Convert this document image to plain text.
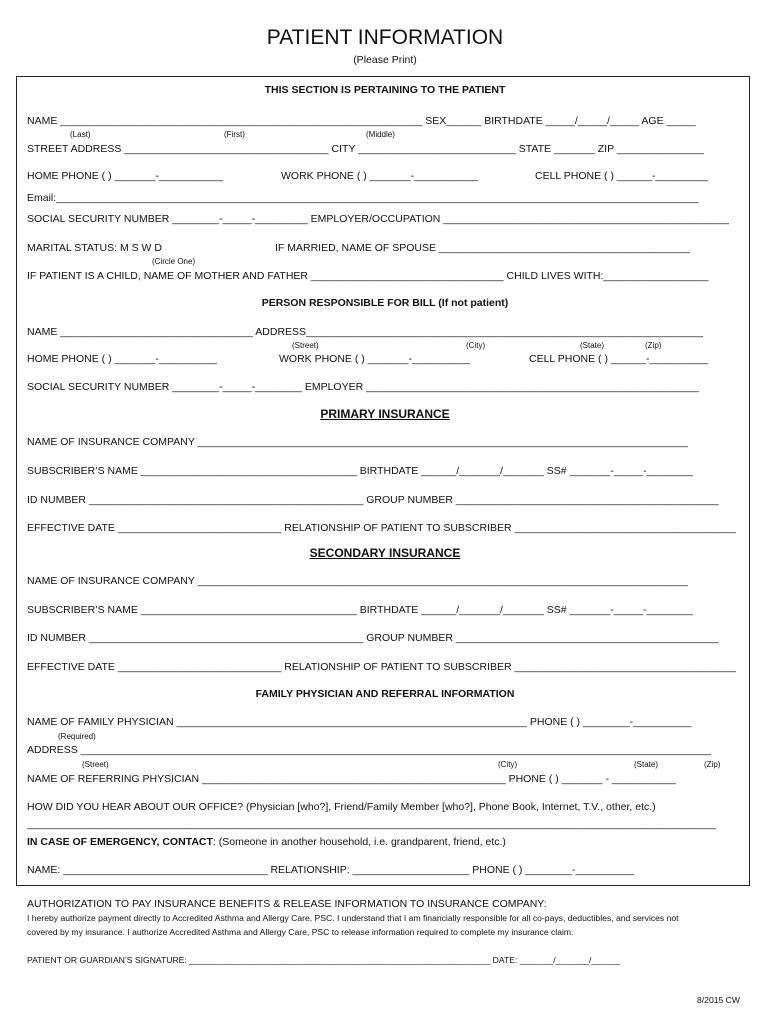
PATIENT INFORMATION
(Please Print)
THIS SECTION IS PERTAINING TO THE PATIENT
NAME ______________________________________________________________ SEX______ BIRTHDATE _____/_____/_____ AGE _____
(Last)	(First)	(Middle)
STREET ADDRESS ___________________________________ CITY ___________________________ STATE _______ ZIP _______________
HOME PHONE ( ) _______-___________	WORK PHONE ( ) _______-___________	CELL PHONE ( ) ______-_________
Email:______________________________________________________________________________________________________________
SOCIAL SECURITY NUMBER ________-_____-_________ EMPLOYER/OCCUPATION _________________________________________________
MARITAL STATUS: M S W D
(Circle One)
IF MARRIED, NAME OF SPOUSE ___________________________________________
IF PATIENT IS A CHILD, NAME OF MOTHER AND FATHER _________________________________ CHILD LIVES WITH:__________________
PERSON RESPONSIBLE FOR BILL (If not patient)
NAME _________________________________ ADDRESS____________________________________________________________________
(Street)	(City)	(State)	(Zip)
HOME PHONE ( ) _______-__________	WORK PHONE ( ) _______-__________	CELL PHONE ( ) ______-__________
SOCIAL SECURITY NUMBER ________-_____-________ EMPLOYER _________________________________________________________
PRIMARY INSURANCE
NAME OF INSURANCE COMPANY ____________________________________________________________________________________
SUBSCRIBER’S NAME _____________________________________ BIRTHDATE ______/_______/_______ SS# _______-_____-________
ID NUMBER _______________________________________________ GROUP NUMBER _____________________________________________
EFFECTIVE DATE ____________________________ RELATIONSHIP OF PATIENT TO SUBSCRIBER ______________________________________
SECONDARY INSURANCE
NAME OF INSURANCE COMPANY ____________________________________________________________________________________
SUBSCRIBER’S NAME _____________________________________ BIRTHDATE ______/_______/_______ SS# _______-_____-________
ID NUMBER _______________________________________________ GROUP NUMBER _____________________________________________
EFFECTIVE DATE ____________________________ RELATIONSHIP OF PATIENT TO SUBSCRIBER ______________________________________
FAMILY PHYSICIAN AND REFERRAL INFORMATION
NAME OF FAMILY PHYSICIAN ____________________________________________________________ PHONE ( ) ________-__________
(Required)
ADDRESS ____________________________________________________________________________________________________________
(Street)	(City)	(State)	(Zip)
NAME OF REFERRING PHYSICIAN ____________________________________________________ PHONE ( ) _______ - ___________
HOW DID YOU HEAR ABOUT OUR OFFICE? (Physician [who?], Friend/Family Member [who?], Phone Book, Internet, T.V., other, etc.)
______________________________________________________________________________________________________________________
IN CASE OF EMERGENCY, CONTACT: (Someone in another household, i.e. grandparent, friend, etc.)
NAME: ___________________________________ RELATIONSHIP: ____________________ PHONE ( ) ________-__________
AUTHORIZATION TO PAY INSURANCE BENEFITS & RELEASE INFORMATION TO INSURANCE COMPANY:
I hereby authorize payment directly to Accredited Asthma and Allergy Care, PSC. I understand that I am financially responsible for all co-pays, deductibles, and services not
covered by my insurance. I authorize Accredited Asthma and Allergy Care, PSC to release information required to complete my insurance claim.
PATIENT OR GUARDIAN’S SIGNATURE: _______________________________________________________________ DATE: _______/_______/______
8/2015 CW
